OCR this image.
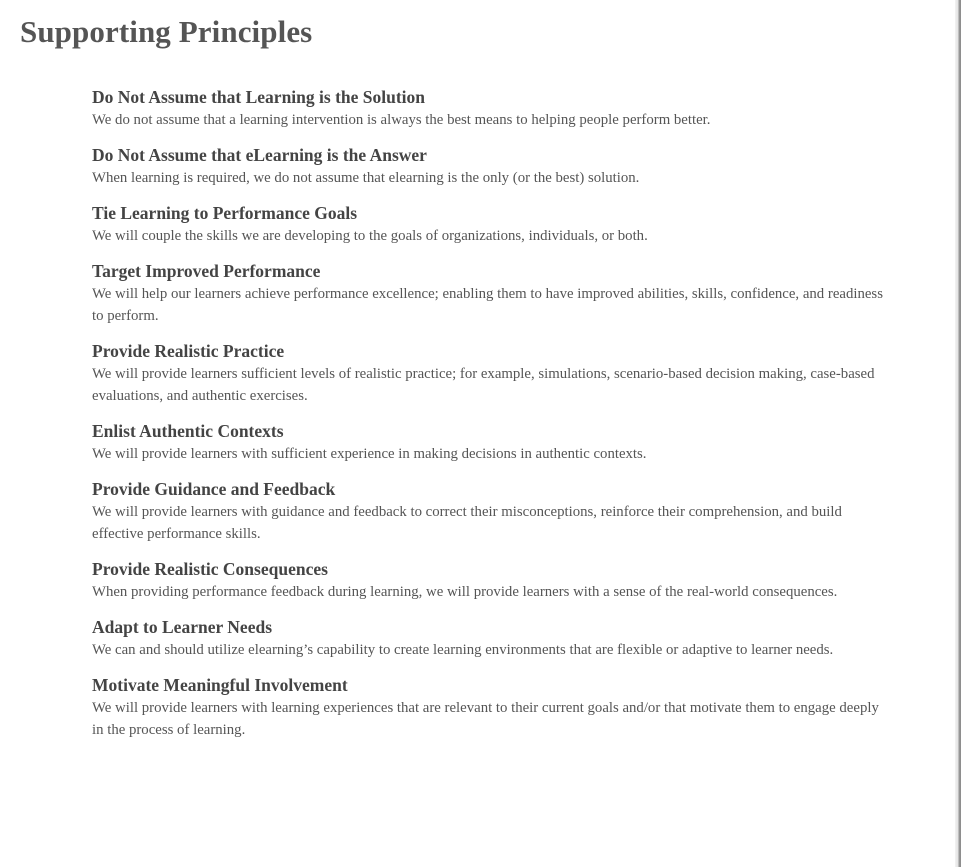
Supporting Principles
Do Not Assume that Learning is the Solution
We do not assume that a learning intervention is always the best means to helping people perform better.
Do Not Assume that eLearning is the Answer
When learning is required, we do not assume that elearning is the only (or the best) solution.
Tie Learning to Performance Goals
We will couple the skills we are developing to the goals of organizations, individuals, or both.
Target Improved Performance
We will help our learners achieve performance excellence; enabling them to have improved abilities, skills, confidence, and readiness to perform.
Provide Realistic Practice
We will provide learners sufficient levels of realistic practice; for example, simulations, scenario-based decision making, case-based evaluations, and authentic exercises.
Enlist Authentic Contexts
We will provide learners with sufficient experience in making decisions in authentic contexts.
Provide Guidance and Feedback
We will provide learners with guidance and feedback to correct their misconceptions, reinforce their comprehension, and build effective performance skills.
Provide Realistic Consequences
When providing performance feedback during learning, we will provide learners with a sense of the real-world consequences.
Adapt to Learner Needs
We can and should utilize elearning’s capability to create learning environments that are flexible or adaptive to learner needs.
Motivate Meaningful Involvement
We will provide learners with learning experiences that are relevant to their current goals and/or that motivate them to engage deeply in the process of learning.
